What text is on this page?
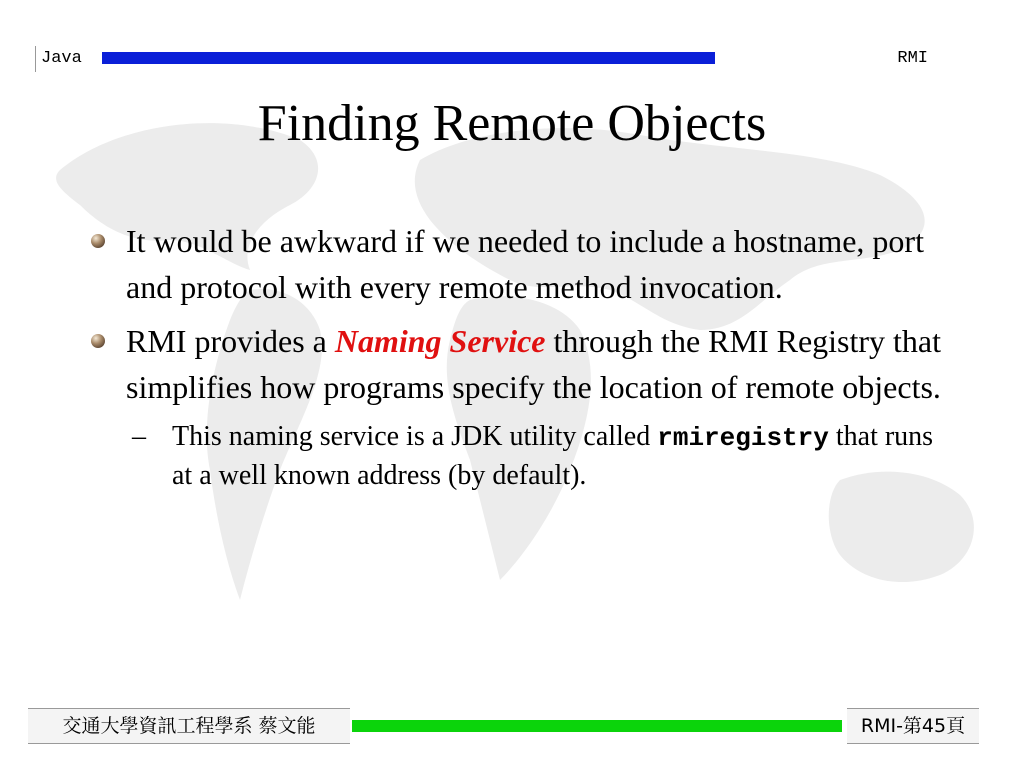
Java	RMI
Finding Remote Objects
It would be awkward if we needed to include a hostname, port and protocol with every remote method invocation.
RMI provides a Naming Service through the RMI Registry that simplifies how programs specify the location of remote objects.
– This naming service is a JDK utility called rmiregistry that runs at a well known address (by default).
交通大學資訊工程學系 蔡文能	RMI-第45頁
